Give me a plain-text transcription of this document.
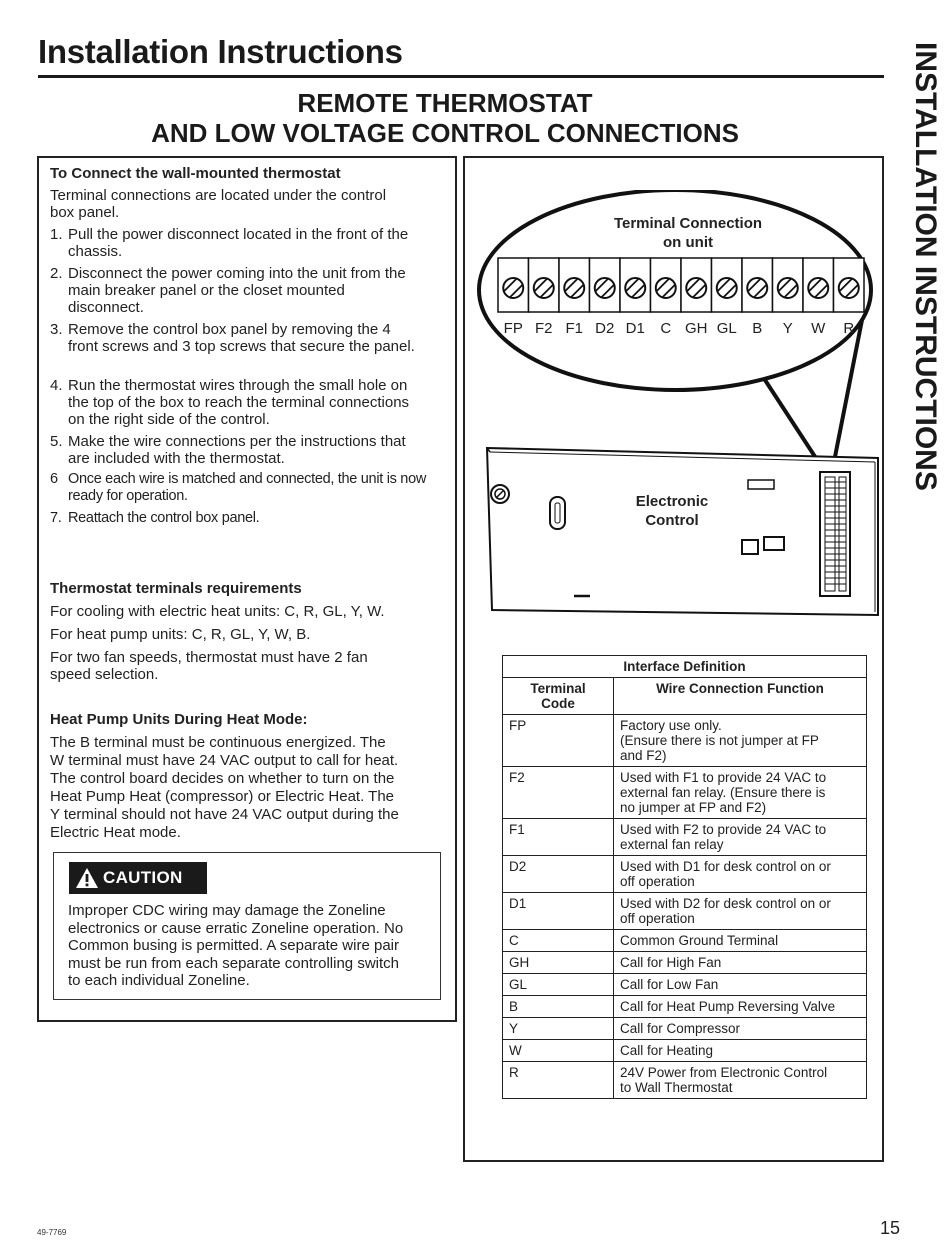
Installation Instructions	INSTALLATION INSTRUCTIONS
REMOTE THERMOSTAT
AND LOW VOLTAGE CONTROL CONNECTIONS
To Connect the wall-mounted thermostat
Terminal connections are located under the control
box panel.
1. Pull the power disconnect located in the front of the chassis.
2. Disconnect the power coming into the unit from the main breaker panel or the closet mounted disconnect.
3. Remove the control box panel by removing the 4 front screws and 3 top screws that secure the panel.
4. Run the thermostat wires through the small hole on the top of the box to reach the terminal connections on the right side of the control.
5. Make the wire connections per the instructions that are included with the thermostat.
6 Once each wire is matched and connected, the unit is now ready for operation.
7. Reattach the control box panel.
Thermostat terminals requirements
For cooling with electric heat units: C, R, GL, Y, W.
For heat pump units: C, R, GL, Y, W, B.
For two fan speeds, thermostat must have 2 fan
speed selection.
Heat Pump Units During Heat Mode:
The B terminal must be continuous energized. The
W terminal must have 24 VAC output to call for heat.
The control board decides on whether to turn on the
Heat Pump Heat (compressor) or Electric Heat. The
Y terminal should not have 24 VAC output during the
Electric Heat mode.
CAUTION
Improper CDC wiring may damage the Zoneline
electronics or cause erratic Zoneline operation. No
Common busing is permitted. A separate wire pair
must be run from each separate controlling switch
to each individual Zoneline.
FP F2 F1 D2 D1 C GH GL B Y W R
Terminal Connection
on unit
Electronic
Control
Interface Definition	

Terminal
Code	Wire Connection Function
FP	Factory use only.
(Ensure there is not jumper at FP
and F2)

F2	Used with F1 to provide 24 VAC to
external fan relay. (Ensure there is
no jumper at FP and F2)

F1	Used with F2 to provide 24 VAC to
external fan relay

D2	Used with D1 for desk control on or
off operation

D1	Used with D2 for desk control on or
off operation

C	Common Ground Terminal

GH	Call for High Fan

GL	Call for Low Fan

B	Call for Heat Pump Reversing Valve

Y	Call for Compressor

W	Call for Heating

R	24V Power from Electronic Control
to Wall Thermostat
49-7769	15
